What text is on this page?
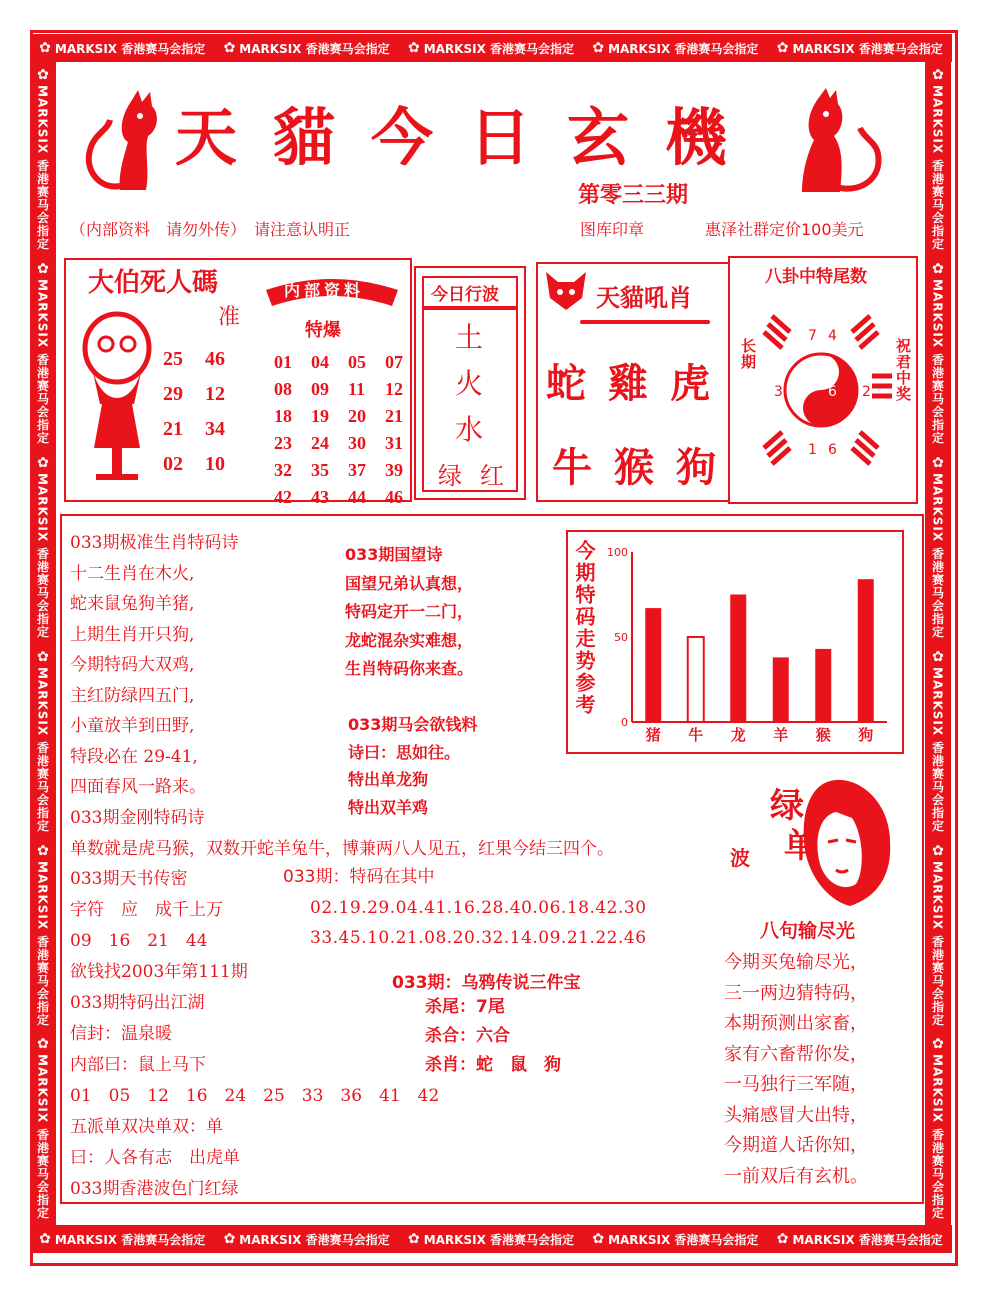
✿ MARKSIX 香港赛马会指定 ✿ MARKSIX 香港赛马会指定 ✿ MARKSIX 香港赛马会指定 ✿ MARKSIX 香港赛马会指定 ✿ MARKSIX 香港赛马会指定
✿ MARKSIX 香港赛马会指定 ✿ MARKSIX 香港赛马会指定 ✿ MARKSIX 香港赛马会指定 ✿ MARKSIX 香港赛马会指定 ✿ MARKSIX 香港赛马会指定
✿
MARKSIX 香港赛马会指定
✿
MARKSIX 香港赛马会指定
✿
MARKSIX 香港赛马会指定
✿
MARKSIX 香港赛马会指定
✿
MARKSIX 香港赛马会指定
✿
MARKSIX 香港赛马会指定
✿
MARKSIX 香港赛马会指定
✿
MARKSIX 香港赛马会指定
✿
MARKSIX 香港赛马会指定
✿
MARKSIX 香港赛马会指定
✿
MARKSIX 香港赛马会指定
✿
MARKSIX 香港赛马会指定
天貓今日玄機
第零三三期
（内部资料　请勿外传）　请注意认明正	图库印章	惠泽社群定价100美元
大伯死人碼
准
25	46
29	12
21	34
02	10
内部资料
特爆
01	04	05	07
08	09	11	12
18	19	20	21
23	24	30	31
32	35	37	39
42	43	44	46
今日行波
土
火
水
绿 红
天貓吼肖
蛇雞虎
牛猴狗
八卦中特尾数
7 4
3	6 2
1 6
长期	祝君中奖
033期极准生肖特码诗
十二生肖在木火,
蛇来鼠兔狗羊猪,
上期生肖开只狗,
今期特码大双鸡,
主红防绿四五门,
小童放羊到田野,
特段必在 29-41,
四面春风一路来。
033期金刚特码诗
单数就是虎马猴，双数开蛇羊兔牛，博兼两八人见五，红果今结三四个。
033期天书传密
字符　应　成千上万
09　16　21　44
欲钱找2003年第111期
033期特码出江湖
信封：温泉暖
内部曰：鼠上马下
01　05　12　16　24　25　33　36　41　42
五派单双决单双：单
曰：人各有志　出虎单
033期香港波色门红绿
033期国望诗
国望兄弟认真想，
特码定开一二门，
龙蛇混杂实难想，
生肖特码你来查。
033期马会欲钱料
诗曰：思如往。
特出单龙狗
特出双羊鸡
今期特码走势参考
0
50
100
猪 牛 龙 羊 猴 狗
033期：特码在其中
02.19.29.04.41.16.28.40.06.18.42.30
33.45.10.21.08.20.32.14.09.21.22.46
033期：乌鸦传说三件宝
杀尾：7尾
杀合：六合
杀肖：蛇　鼠　狗
绿
单
波
八句输尽光
今期买兔输尽光，
三一两边猜特码，
本期预测出家畜，
家有六畜帮你发，
一马独行三军随，
头痛感冒大出特，
今期道人话你知，
一前双后有玄机。
